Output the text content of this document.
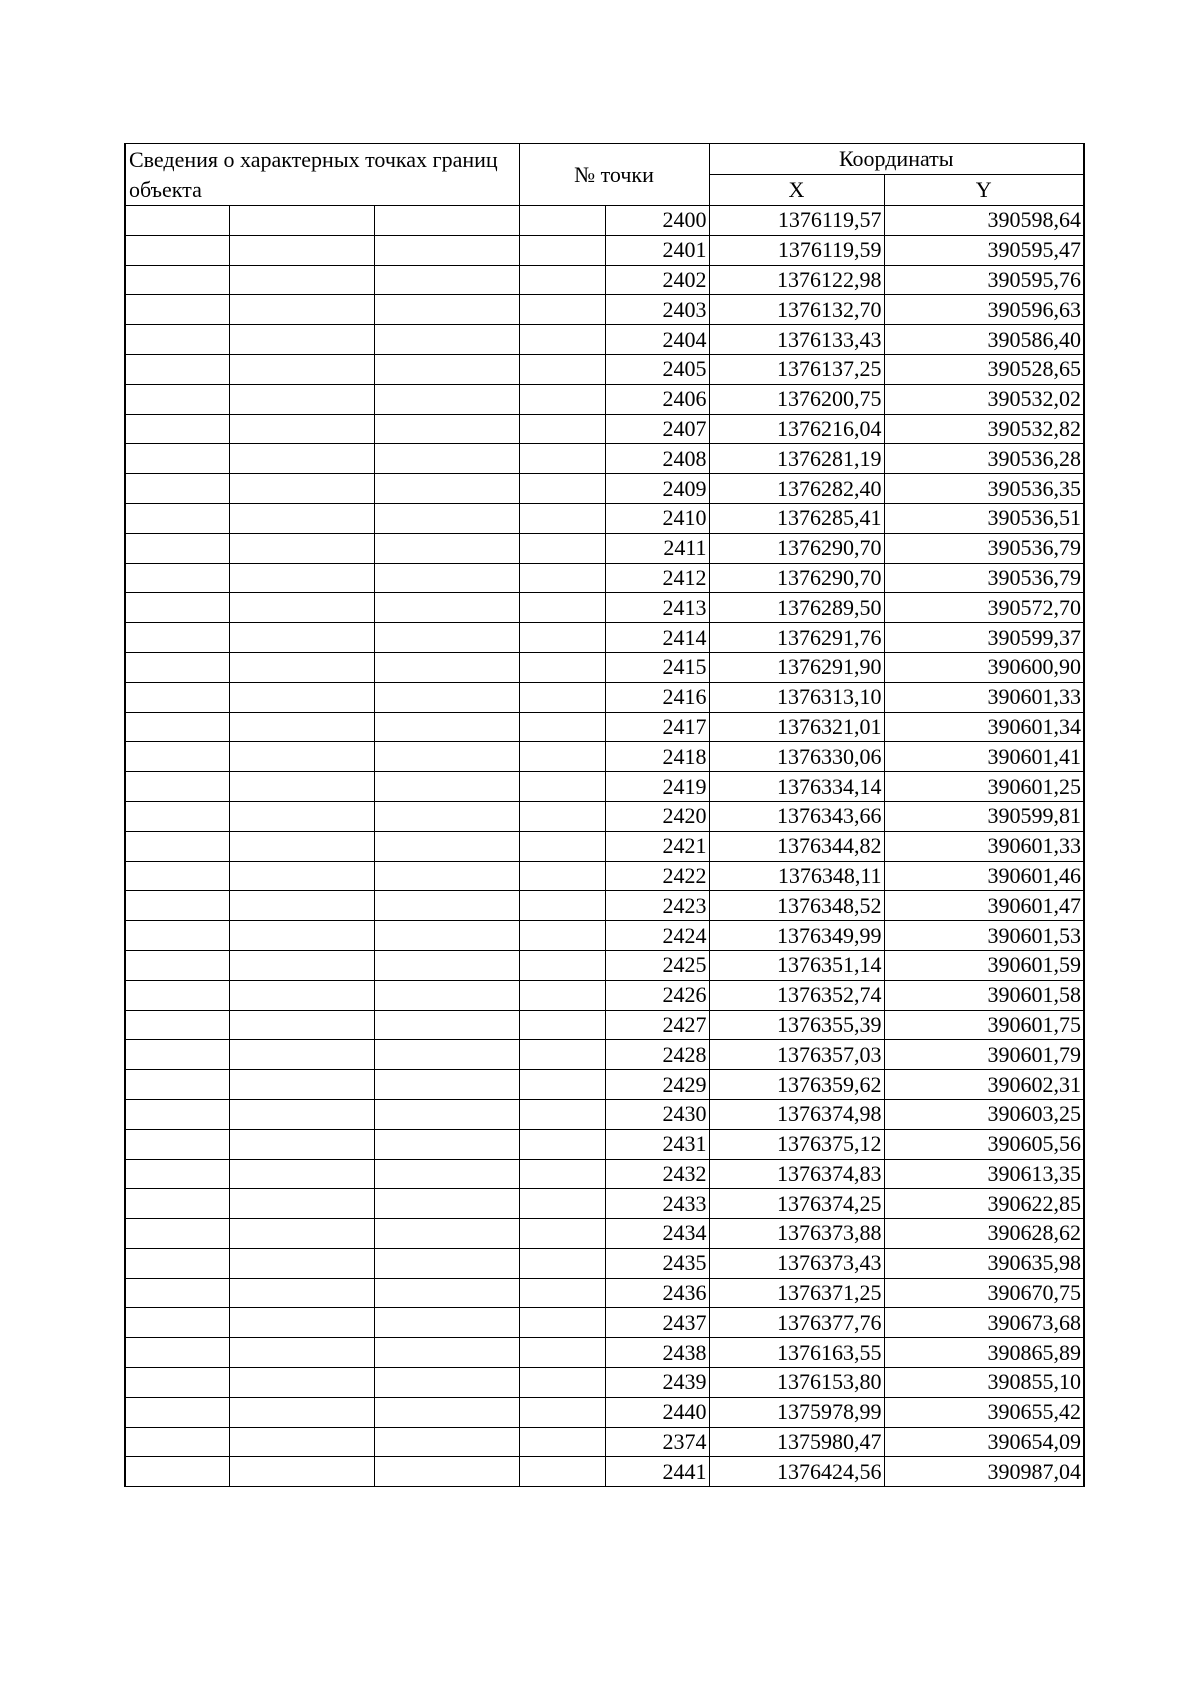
Сведения о характерных точках границ объекта			№ точки		Координаты	
					X	Y
				2400	1376119,57	390598,64
				2401	1376119,59	390595,47
				2402	1376122,98	390595,76
				2403	1376132,70	390596,63
				2404	1376133,43	390586,40
				2405	1376137,25	390528,65
				2406	1376200,75	390532,02
				2407	1376216,04	390532,82
				2408	1376281,19	390536,28
				2409	1376282,40	390536,35
				2410	1376285,41	390536,51
				2411	1376290,70	390536,79
				2412	1376290,70	390536,79
				2413	1376289,50	390572,70
				2414	1376291,76	390599,37
				2415	1376291,90	390600,90
				2416	1376313,10	390601,33
				2417	1376321,01	390601,34
				2418	1376330,06	390601,41
				2419	1376334,14	390601,25
				2420	1376343,66	390599,81
				2421	1376344,82	390601,33
				2422	1376348,11	390601,46
				2423	1376348,52	390601,47
				2424	1376349,99	390601,53
				2425	1376351,14	390601,59
				2426	1376352,74	390601,58
				2427	1376355,39	390601,75
				2428	1376357,03	390601,79
				2429	1376359,62	390602,31
				2430	1376374,98	390603,25
				2431	1376375,12	390605,56
				2432	1376374,83	390613,35
				2433	1376374,25	390622,85
				2434	1376373,88	390628,62
				2435	1376373,43	390635,98
				2436	1376371,25	390670,75
				2437	1376377,76	390673,68
				2438	1376163,55	390865,89
				2439	1376153,80	390855,10
				2440	1375978,99	390655,42
				2374	1375980,47	390654,09
				2441	1376424,56	390987,04
